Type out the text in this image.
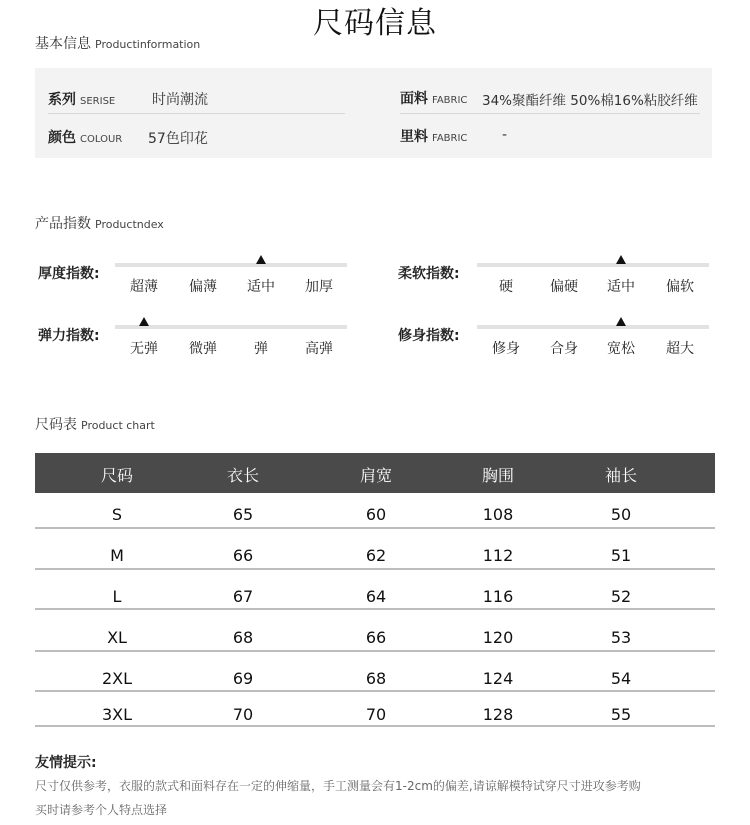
尺码信息
基本信息 Productinformation
系列 SERISE	时尚潮流
颜色 COLOUR 57色印花
面料 FABRIC 34%聚酯纤维 50%棉16%粘胶纤维
里料 FABRIC -
产品指数 Productndex
厚度指数:
超薄	偏薄	适中	加厚
柔软指数:
硬	偏硬	适中	偏软
弹力指数:
无弹	微弹	弹	高弹
修身指数:
修身	合身	宽松	超大
尺码表 Product chart
尺码	衣长	肩宽	胸围	袖长
S	65	60	108	50
M	66	62	112	51
L	67	64	116	52
XL	68	66	120	53
2XL	69	68	124	54
3XL	70	70	128	55
友情提示:
尺寸仅供参考，衣服的款式和面料存在一定的伸缩量，手工测量会有1-2cm的偏差,请谅解模特试穿尺寸进攻参考购
买时请参考个人特点选择
